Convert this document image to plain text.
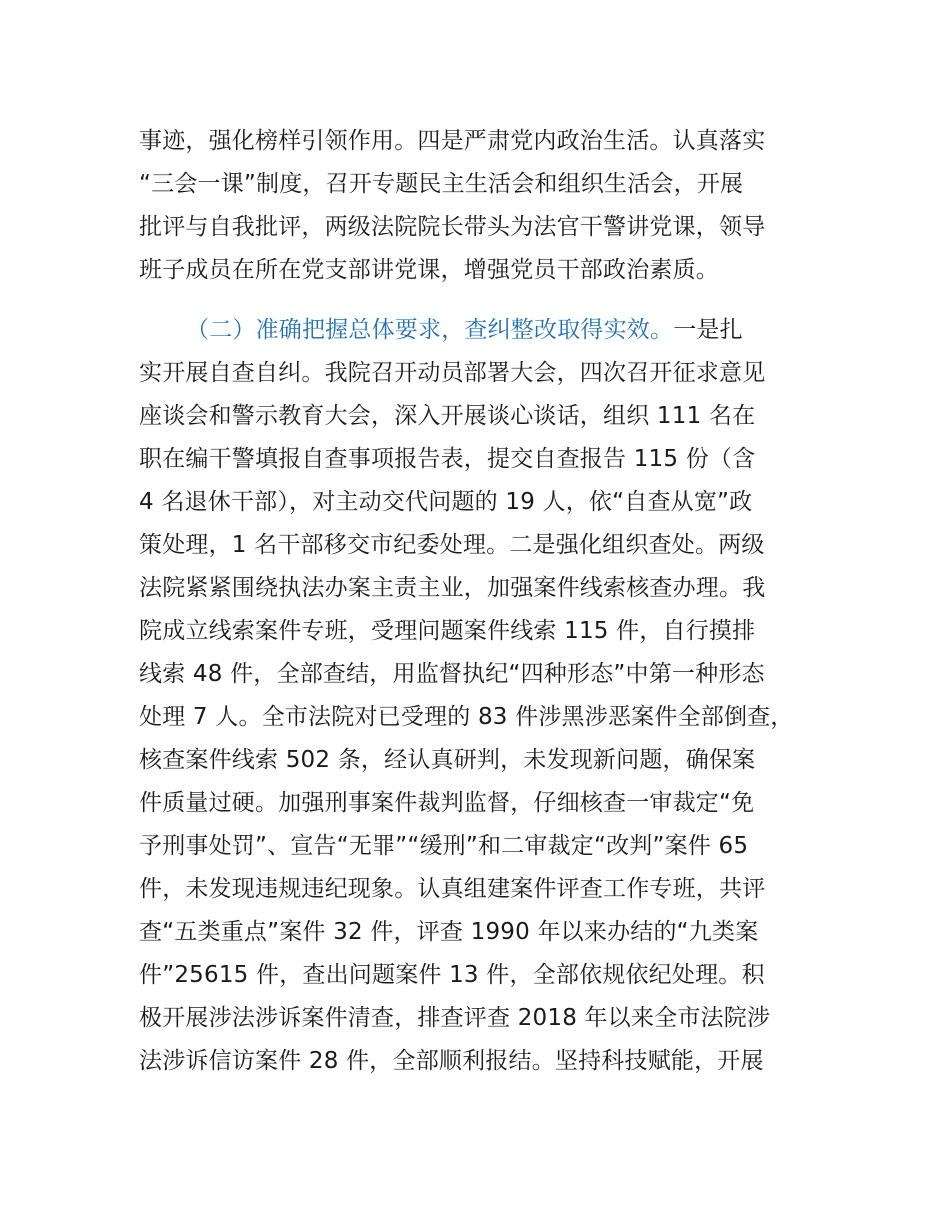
事迹，强化榜样引领作用。四是严肃党内政治生活。认真落实
“三会一课”制度，召开专题民主生活会和组织生活会，开展
批评与自我批评，两级法院院长带头为法官干警讲党课，领导
班子成员在所在党支部讲党课，增强党员干部政治素质。
（二）准确把握总体要求，查纠整改取得实效。一是扎
实开展自查自纠。我院召开动员部署大会，四次召开征求意见
座谈会和警示教育大会，深入开展谈心谈话，组织 111 名在
职在编干警填报自查事项报告表，提交自查报告 115 份（含
4 名退休干部），对主动交代问题的 19 人，依“自查从宽”政
策处理，1 名干部移交市纪委处理。二是强化组织查处。两级
法院紧紧围绕执法办案主责主业，加强案件线索核查办理。我
院成立线索案件专班，受理问题案件线索 115 件，自行摸排
线索 48 件，全部查结，用监督执纪“四种形态”中第一种形态
处理 7 人。全市法院对已受理的 83 件涉黑涉恶案件全部倒查，
核查案件线索 502 条，经认真研判，未发现新问题，确保案
件质量过硬。加强刑事案件裁判监督，仔细核查一审裁定“免
予刑事处罚”、宣告“无罪”“缓刑”和二审裁定“改判”案件 65
件，未发现违规违纪现象。认真组建案件评查工作专班，共评
查“五类重点”案件 32 件，评查 1990 年以来办结的“九类案
件”25615 件，查出问题案件 13 件，全部依规依纪处理。积
极开展涉法涉诉案件清查，排查评查 2018 年以来全市法院涉
法涉诉信访案件 28 件，全部顺利报结。坚持科技赋能，开展
